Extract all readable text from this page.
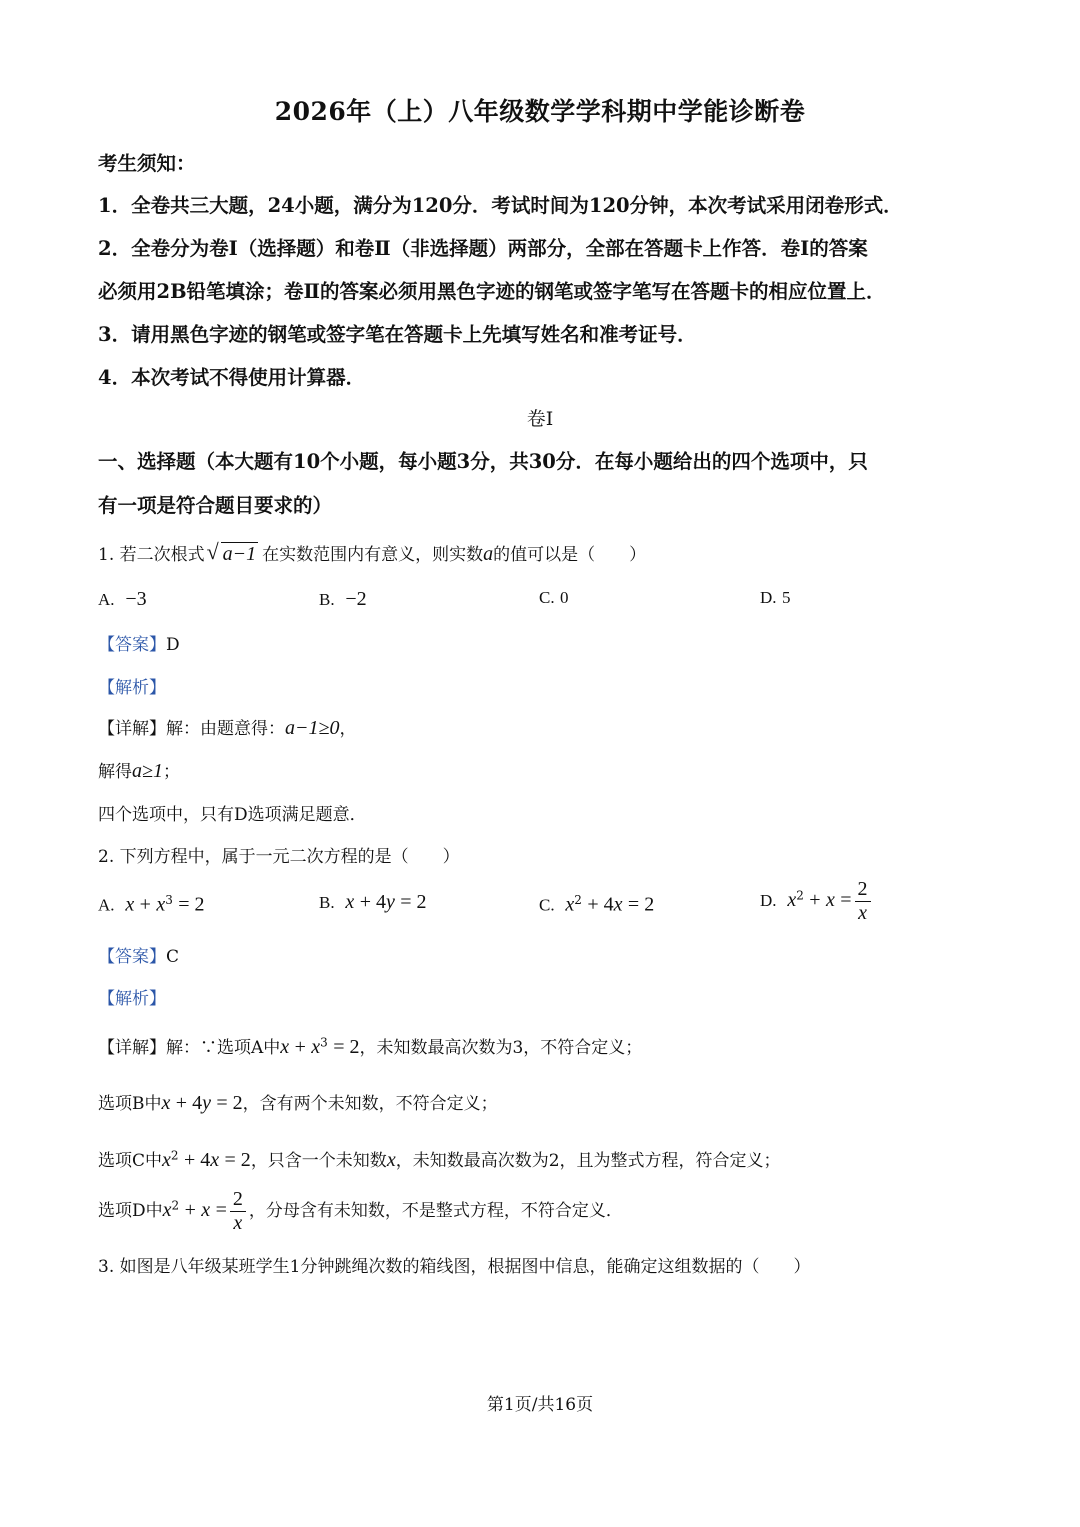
2026年（上）八年级数学学科期中学能诊断卷
考生须知：
1．全卷共三大题，24小题，满分为120分．考试时间为120分钟，本次考试采用闭卷形式．
2．全卷分为卷Ⅰ（选择题）和卷Ⅱ（非选择题）两部分，全部在答题卡上作答．卷Ⅰ的答案
必须用2B铅笔填涂；卷Ⅱ的答案必须用黑色字迹的钢笔或签字笔写在答题卡的相应位置上．
3．请用黑色字迹的钢笔或签字笔在答题卡上先填写姓名和准考证号．
4．本次考试不得使用计算器．
卷Ⅰ
一、选择题（本大题有10个小题，每小题3分，共30分．在每小题给出的四个选项中，只
有一项是符合题目要求的）
1. 若二次根式√ a−1 在实数范围内有意义，则实数a的值可以是（　　）
A. −3	B. −2	C. 0	D. 5
【答案】D
【解析】
【详解】解：由题意得：a−1≥0，
解得a≥1；
四个选项中，只有D选项满足题意．
2. 下列方程中，属于一元二次方程的是（　　）
A. $x + x^3 = 2$	B. x + 4y = 2	C. $x^2 + 4x = 2$	D. $x^2 + x = \frac{2}{x}$
【答案】C
【解析】
【详解】解：∵选项A中$x + x^3 = 2$，未知数最高次数为3，不符合定义；
选项B中x + 4y = 2，含有两个未知数，不符合定义；
选项C中$x^2 + 4x = 2$，只含一个未知数x，未知数最高次数为2，且为整式方程，符合定义；
选项D中$x^2 + x = \frac{2}{x}$ ，分母含有未知数，不是整式方程，不符合定义．
3. 如图是八年级某班学生1分钟跳绳次数的箱线图，根据图中信息，能确定这组数据的（　　）
第1页/共16页
